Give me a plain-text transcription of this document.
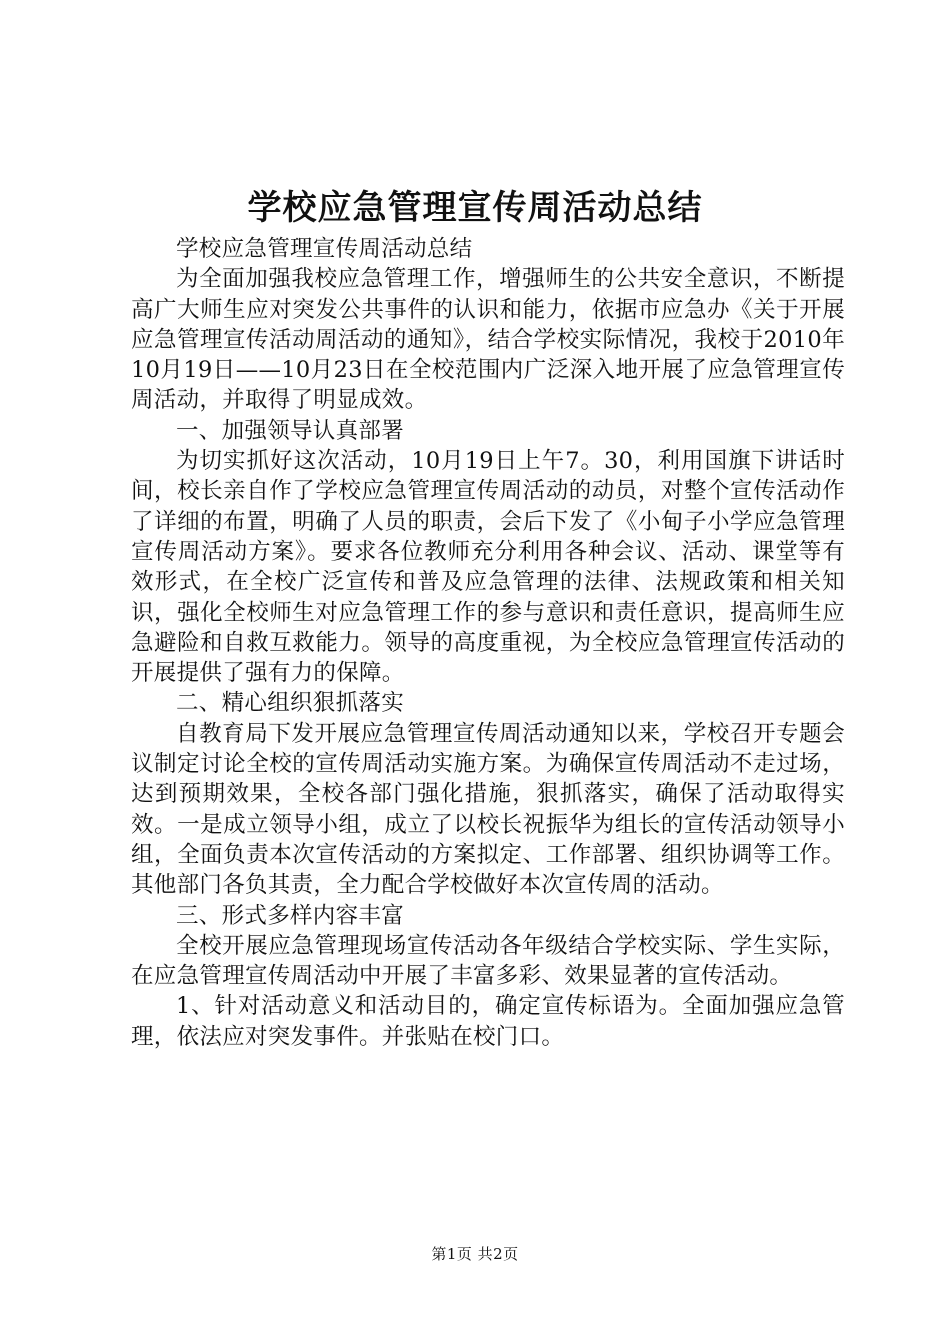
学校应急管理宣传周活动总结

学校应急管理宣传周活动总结

为全面加强我校应急管理工作，增强师生的公共安全意识，不断提高广大师生应对突发公共事件的认识和能力，依据市应急办《关于开展应急管理宣传活动周活动的通知》，结合学校实际情况，我校于2010年10月19日——10月23日在全校范围内广泛深入地开展了应急管理宣传周活动，并取得了明显成效。

一、加强领导认真部署

为切实抓好这次活动，10月19日上午7。30，利用国旗下讲话时间，校长亲自作了学校应急管理宣传周活动的动员，对整个宣传活动作了详细的布置，明确了人员的职责，会后下发了《小甸子小学应急管理宣传周活动方案》。要求各位教师充分利用各种会议、活动、课堂等有效形式，在全校广泛宣传和普及应急管理的法律、法规政策和相关知识，强化全校师生对应急管理工作的参与意识和责任意识，提高师生应急避险和自救互救能力。领导的高度重视，为全校应急管理宣传活动的开展提供了强有力的保障。

二、精心组织狠抓落实

自教育局下发开展应急管理宣传周活动通知以来，学校召开专题会议制定讨论全校的宣传周活动实施方案。为确保宣传周活动不走过场，达到预期效果，全校各部门强化措施，狠抓落实，确保了活动取得实效。一是成立领导小组，成立了以校长祝振华为组长的宣传活动领导小组，全面负责本次宣传活动的方案拟定、工作部署、组织协调等工作。其他部门各负其责，全力配合学校做好本次宣传周的活动。

三、形式多样内容丰富

全校开展应急管理现场宣传活动各年级结合学校实际、学生实际，在应急管理宣传周活动中开展了丰富多彩、效果显著的宣传活动。

1、针对活动意义和活动目的，确定宣传标语为。全面加强应急管理，依法应对突发事件。并张贴在校门口。

第1页 共2页
